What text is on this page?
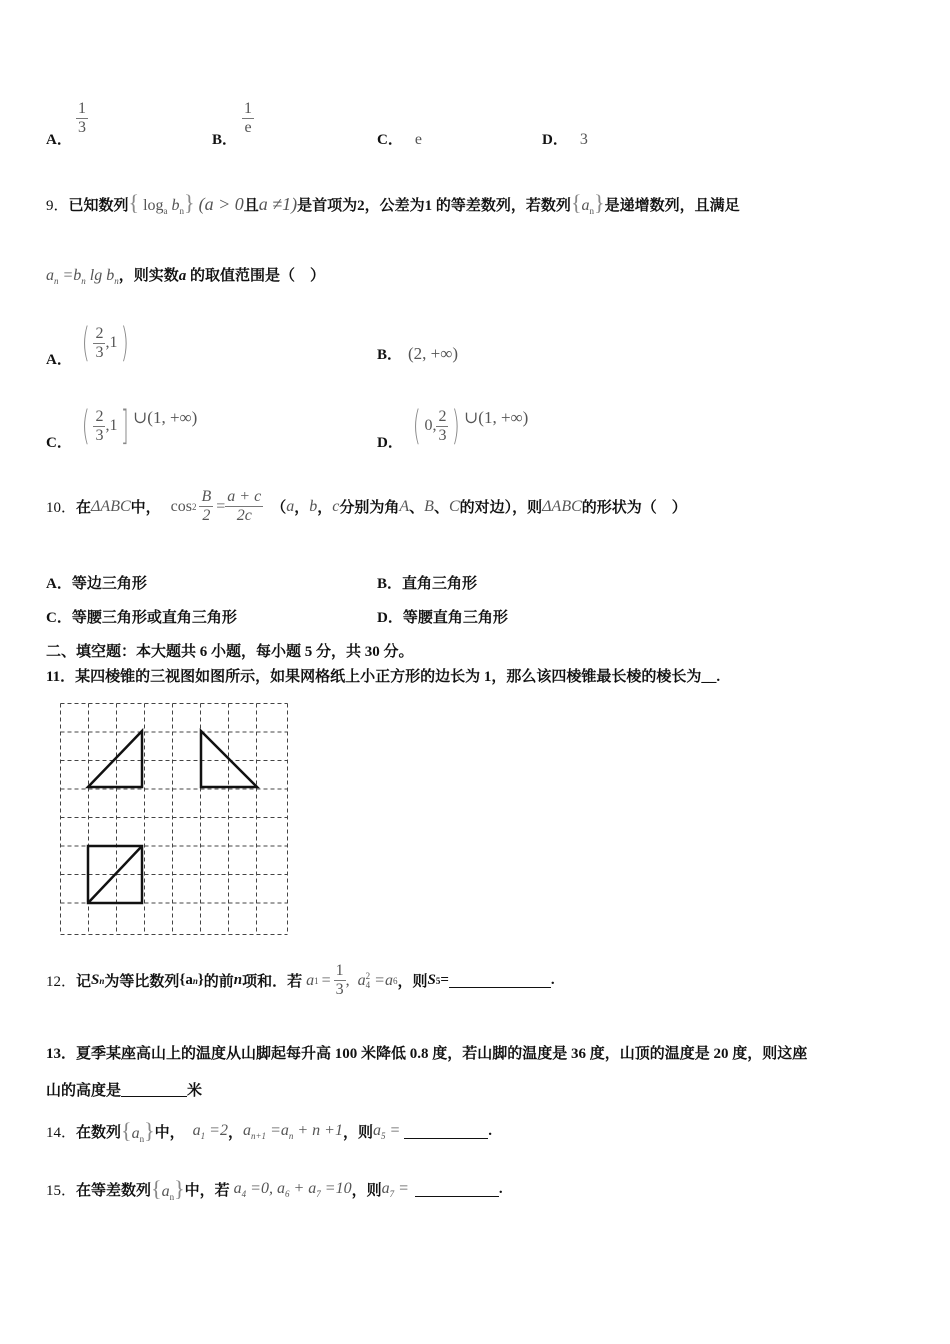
A．
$\frac{1}{3}$
B．
$\frac{1}{e}$
C． e	D． 3
9．已知数列{ $\log_a b_n$} (a > 0且a ≠1)是首项为2，公差为1 的等差数列，若数列$\{a_n\}$是递增数列，且满足
$a_n =b_n$ $\lg b_n$，则实数a 的取值范围是（　）
A． ( $\frac{2}{3} ,1$ )	B． (2, +∞)
C． ( $\frac{2}{3} ,1$ ] ∪(1, +∞)
D． ( 0, $\frac{2}{3}$ ) ∪(1, +∞)
10． 在 ΔABC 中， $\cos 2 \frac{B}{2} = \frac{a + c}{2c}$ （ a ， b ， c 分别为角 A 、 B 、 C 的对边），则 ΔABC 的形状为（　）
A．等边三角形	B．直角三角形
C．等腰三角形或直角三角形	D．等腰直角三角形
二、填空题：本大题共 6 小题，每小题 5 分，共 30 分。
11．某四棱锥的三视图如图所示，如果网格纸上小正方形的边长为 1，那么该四棱锥最长棱的棱长为__.
12． 记 S n 为等比数列 {a n } 的前 n 项和．若 a $1 = \frac{1}{3}$ , a 2
4 =a 6 ，则 S 5 =	.
13．夏季某座高山上的温度从山脚起每升高 100 米降低 0.8 度，若山脚的温度是 36 度，山顶的温度是 20 度，则这座
山的高度是	米
14． 在数列 $\{a_n\}$ 中， $a_1 =2$ ， $a_{n+1} =a_n + n +1$ ，则 $a_5$ =	.
15． 在等差数列 $\{a_n\}$ 中，若 $a_4 =0$, $a_6 + a_7 =10$ ，则 $a_7$ =	.
